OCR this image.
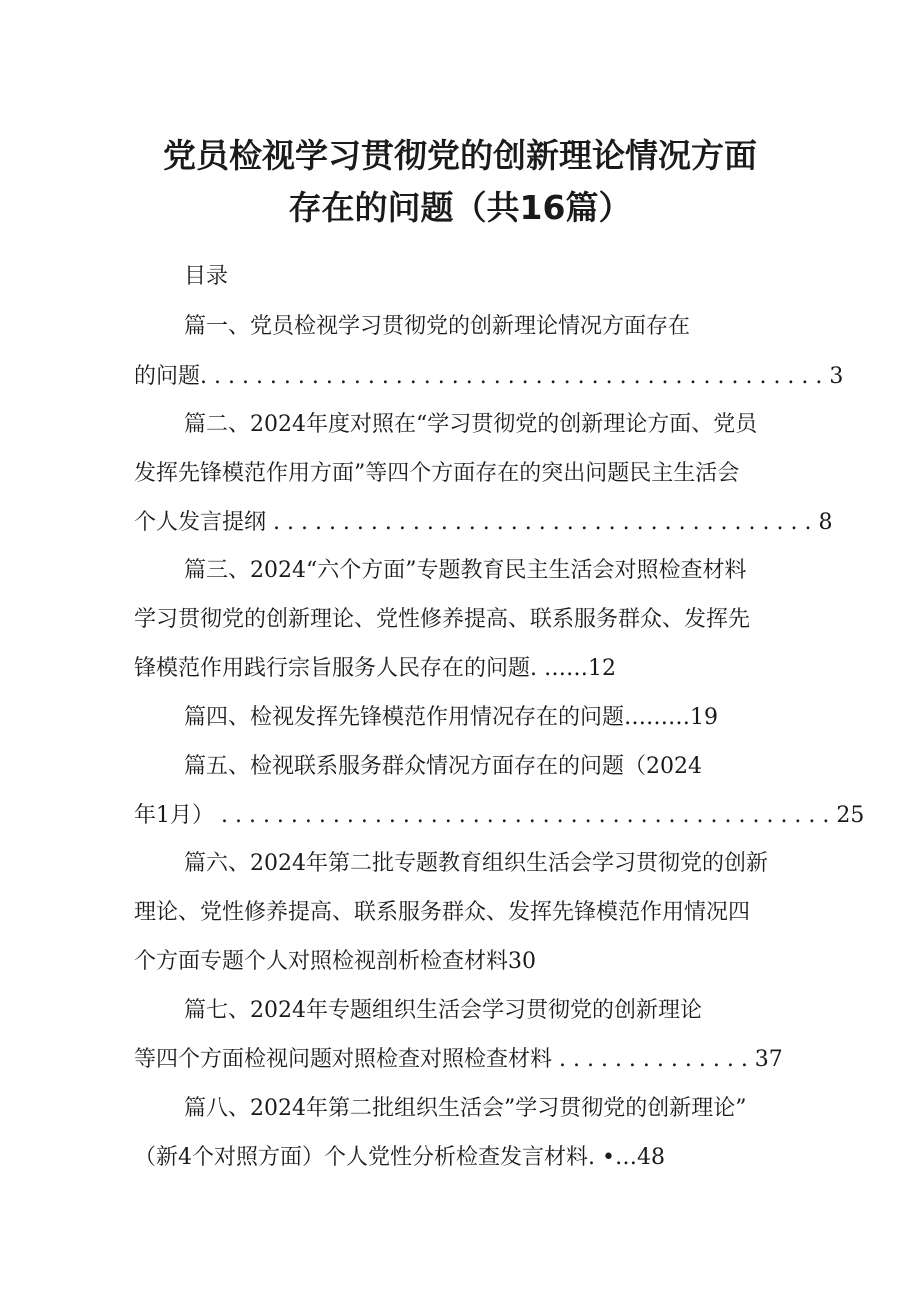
党员检视学习贯彻党的创新理论情况方面
存在的问题（共16篇）
目录
篇一、党员检视学习贯彻党的创新理论情况方面存在
的问题. . . . . . . . . . . . . . . . . . . . . . . . . . . . . . . . . . . . . . . . . . . . . 3
篇二、2024年度对照在“学习贯彻党的创新理论方面、党员
发挥先锋模范作用方面”等四个方面存在的突出问题民主生活会
个人发言提纲 . . . . . . . . . . . . . . . . . . . . . . . . . . . . . . . . . . . . . . . 8
篇三、2024“六个方面”专题教育民主生活会对照检查材料
学习贯彻党的创新理论、党性修养提高、联系服务群众、发挥先
锋模范作用践行宗旨服务人民存在的问题. ……12
篇四、检视发挥先锋模范作用情况存在的问题………19
篇五、检视联系服务群众情况方面存在的问题（2024
年1月） . . . . . . . . . . . . . . . . . . . . . . . . . . . . . . . . . . . . . . . . . . . . 25
篇六、2024年第二批专题教育组织生活会学习贯彻党的创新
理论、党性修养提高、联系服务群众、发挥先锋模范作用情况四
个方面专题个人对照检视剖析检查材料30
篇七、2024年专题组织生活会学习贯彻党的创新理论
等四个方面检视问题对照检查对照检查材料 . . . . . . . . . . . . . . 37
篇八、2024年第二批组织生活会”学习贯彻党的创新理论”
（新4个对照方面）个人党性分析检查发言材料. •…48
